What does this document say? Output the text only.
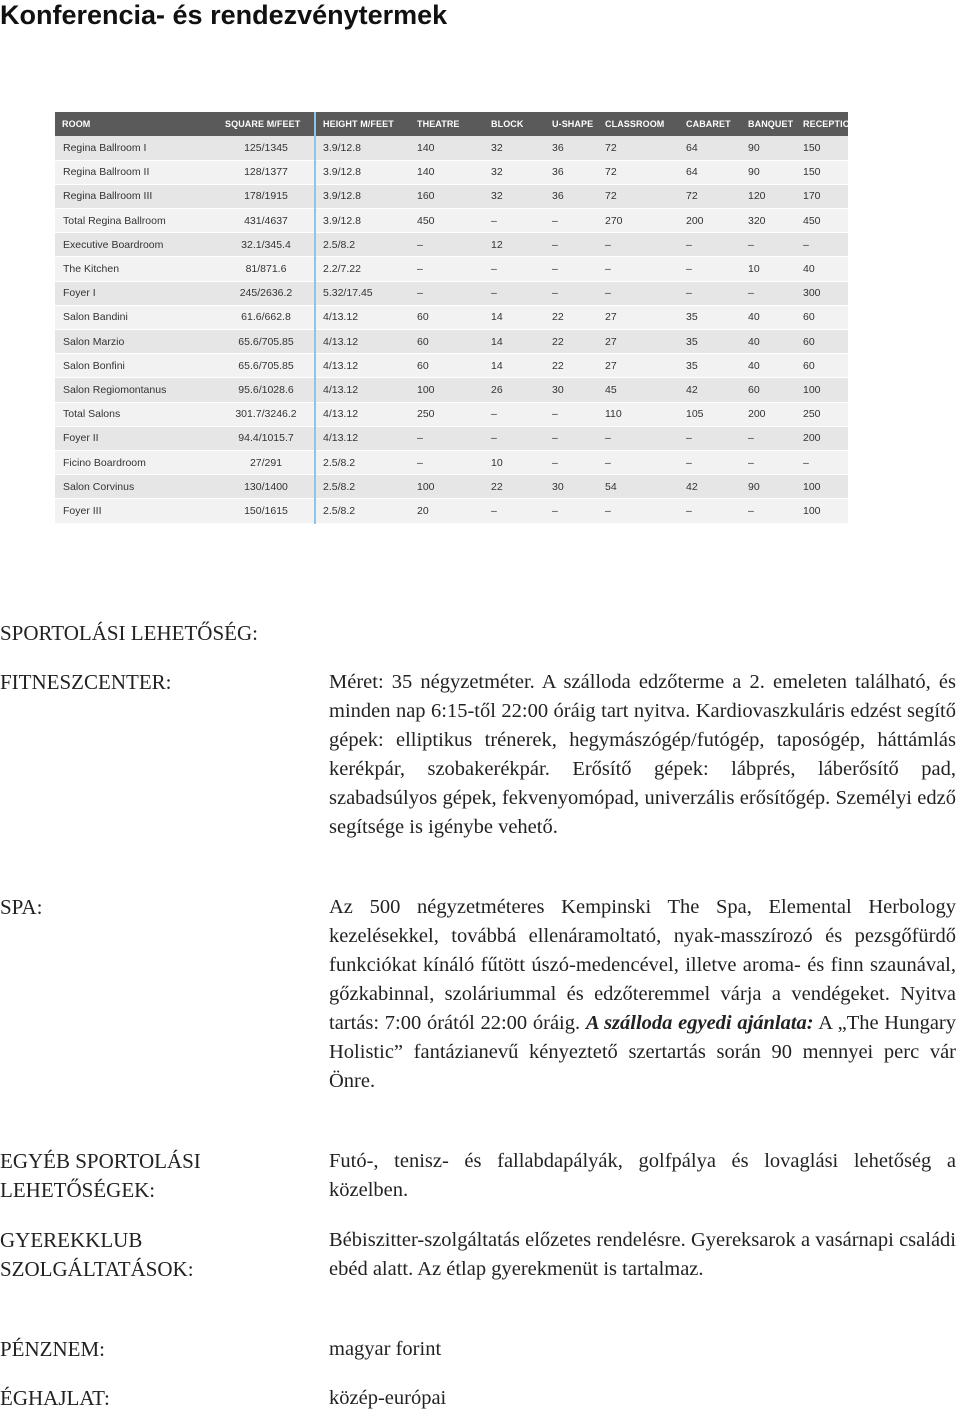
Konferencia- és rendezvénytermek
ROOM	SQUARE M/FEET	HEIGHT M/FEET	THEATRE	BLOCK	U-SHAPE	CLASSROOM	CABARET	BANQUET	RECEPTION
Regina Ballroom I	125/1345	3.9/12.8	140	32	36	72	64	90	150
Regina Ballroom II	128/1377	3.9/12.8	140	32	36	72	64	90	150
Regina Ballroom III	178/1915	3.9/12.8	160	32	36	72	72	120	170
Total Regina Ballroom	431/4637	3.9/12.8	450	–	–	270	200	320	450
Executive Boardroom	32.1/345.4	2.5/8.2	–	12	–	–	–	–	–
The Kitchen	81/871.6	2.2/7.22	–	–	–	–	–	10	40
Foyer I	245/2636.2	5.32/17.45	–	–	–	–	–	–	300
Salon Bandini	61.6/662.8	4/13.12	60	14	22	27	35	40	60
Salon Marzio	65.6/705.85	4/13.12	60	14	22	27	35	40	60
Salon Bonfini	65.6/705.85	4/13.12	60	14	22	27	35	40	60
Salon Regiomontanus	95.6/1028.6	4/13.12	100	26	30	45	42	60	100
Total Salons	301.7/3246.2	4/13.12	250	–	–	110	105	200	250
Foyer II	94.4/1015.7	4/13.12	–	–	–	–	–	–	200
Ficino Boardroom	27/291	2.5/8.2	–	10	–	–	–	–	–
Salon Corvinus	130/1400	2.5/8.2	100	22	30	54	42	90	100
Foyer III	150/1615	2.5/8.2	20	–	–	–	–	–	100
SPORTOLÁSI LEHETŐSÉG:
FITNESZCENTER:	Méret: 35 négyzetméter. A szálloda edzőterme a 2. emeleten található, és minden nap 6:15-től 22:00 óráig tart nyitva. Kardiovaszkuláris edzést segítő gépek: elliptikus trénerek, hegymászógép/futógép, taposógép, háttámlás kerékpár, szobakerékpár. Erősítő gépek: lábprés, láberősítő pad, szabadsúlyos gépek, fekvenyomópad, univerzális erősítőgép. Személyi edző segítsége is igénybe vehető.
SPA:	Az 500 négyzetméteres Kempinski The Spa, Elemental Herbology kezelésekkel, továbbá ellenáramoltató, nyak-masszírozó és pezsgőfürdő funkciókat kínáló fűtött úszó-medencével, illetve aroma- és finn szaunával, gőzkabinnal, szoláriummal és edzőteremmel várja a vendégeket. Nyitva tartás: 7:00 órától 22:00 óráig. A szálloda egyedi ajánlata: A „The Hungary Holistic” fantázianevű kényeztető szertartás során 90 mennyei perc vár Önre.
EGYÉB SPORTOLÁSI LEHETŐSÉGEK:
Futó-, tenisz- és fallabdapályák, golfpálya és lovaglási lehetőség a közelben.
GYEREKKLUB SZOLGÁLTATÁSOK:
Bébiszitter-szolgáltatás előzetes rendelésre. Gyereksarok a vasárnapi családi ebéd alatt. Az étlap gyerekmenüt is tartalmaz.
PÉNZNEM:	magyar forint
ÉGHAJLAT:	közép-európai
